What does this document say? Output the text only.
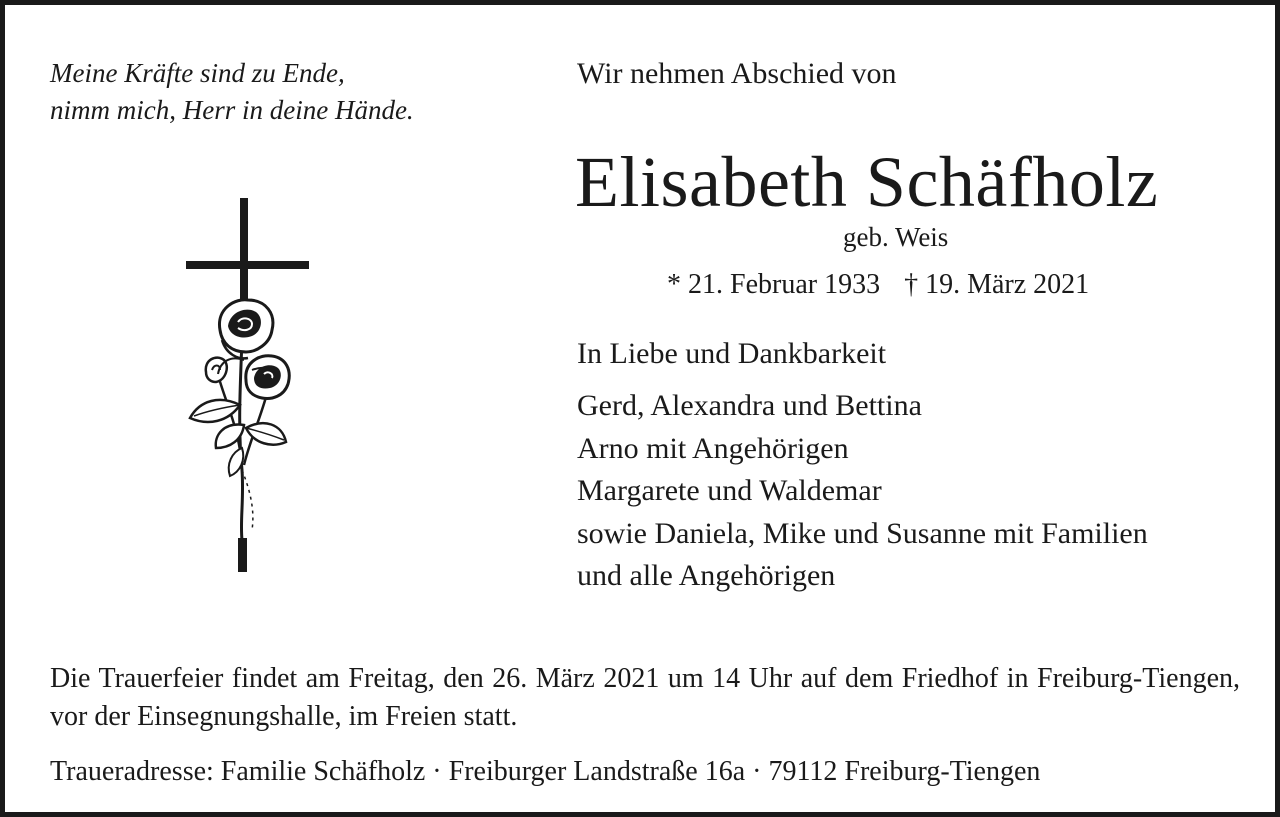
Meine Kräfte sind zu Ende,
nimm mich, Herr in deine Hände.
Wir nehmen Abschied von
Elisabeth Schäfholz
geb. Weis
* 21. Februar 1933 † 19. März 2021
In Liebe und Dankbarkeit
Gerd, Alexandra und Bettina
Arno mit Angehörigen
Margarete und Waldemar
sowie Daniela, Mike und Susanne mit Familien
und alle Angehörigen
Die Trauerfeier findet am Freitag, den 26. März 2021 um 14 Uhr auf dem Friedhof in Freiburg-Tiengen, vor der Einsegnungshalle, im Freien statt.
Traueradresse: Familie Schäfholz · Freiburger Landstraße 16a · 79112 Freiburg-Tiengen
